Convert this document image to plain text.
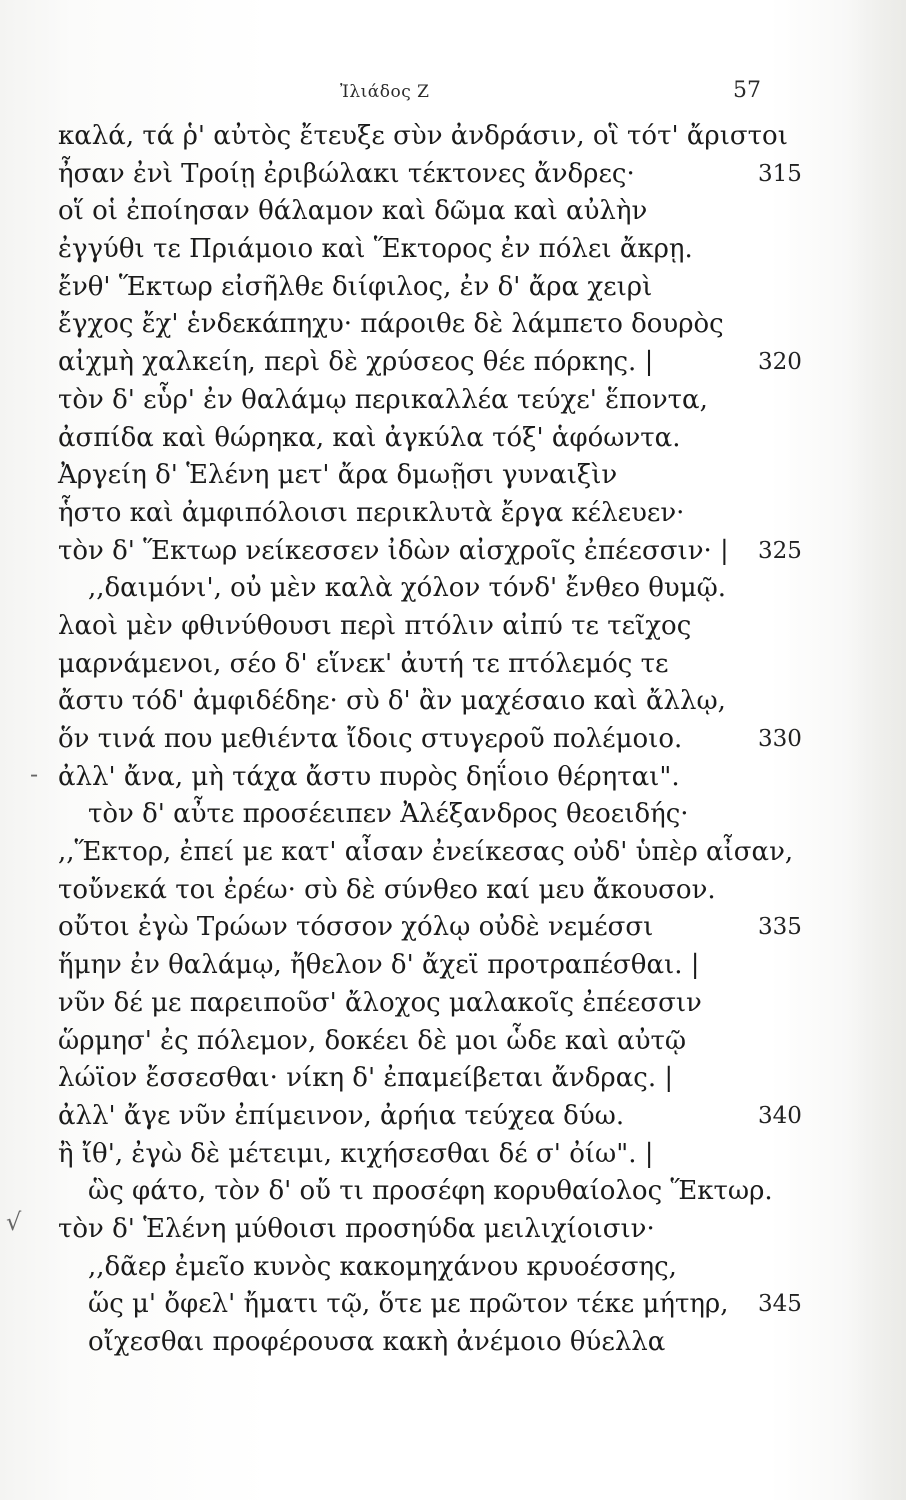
Ἰλιάδος Ζ	57
-
√
καλά, τά ῥ' αὐτὸς ἔτευξε σὺν ἀνδράσιν, οἳ τότ' ἄριστοι
ἦσαν ἐνὶ Τροίῃ ἐριβώλακι τέκτονες ἄνδρες·	315
οἵ οἱ ἐποίησαν θάλαμον καὶ δῶμα καὶ αὐλὴν
ἐγγύθι τε Πριάμοιο καὶ Ἕκτορος ἐν πόλει ἄκρῃ.
ἔνθ' Ἕκτωρ εἰσῆλθε διίφιλος, ἐν δ' ἄρα χειρὶ
ἔγχος ἔχ' ἑνδεκάπηχυ· πάροιθε δὲ λάμπετο δουρὸς
αἰχμὴ χαλκείη, περὶ δὲ χρύσεος θέε πόρκης. |	320
τὸν δ' εὗρ' ἐν θαλάμῳ περικαλλέα τεύχε' ἕποντα,
ἀσπίδα καὶ θώρηκα, καὶ ἀγκύλα τόξ' ἁφόωντα.
Ἀργείη δ' Ἑλένη μετ' ἄρα δμωῇσι γυναιξὶν
ἧστο καὶ ἀμφιπόλοισι περικλυτὰ ἔργα κέλευεν·
τὸν δ' Ἕκτωρ νείκεσσεν ἰδὼν αἰσχροῖς ἐπέεσσιν· | 325
,,δαιμόνι', οὐ μὲν καλὰ χόλον τόνδ' ἔνθεο θυμῷ.
λαοὶ μὲν φθινύθουσι περὶ πτόλιν αἰπύ τε τεῖχος
μαρνάμενοι, σέο δ' εἵνεκ' ἀυτή τε πτόλεμός τε
ἄστυ τόδ' ἀμφιδέδηε· σὺ δ' ἂν μαχέσαιο καὶ ἄλλῳ,
ὅν τινά που μεθιέντα ἴδοις στυγεροῦ πολέμοιο.	330
ἀλλ' ἄνα, μὴ τάχα ἄστυ πυρὸς δηΐοιο θέρηται".
τὸν δ' αὖτε προσέειπεν Ἀλέξανδρος θεοειδής·
,,Ἕκτορ, ἐπεί με κατ' αἶσαν ἐνείκεσας οὐδ' ὑπὲρ αἶσαν,
τοὔνεκά τοι ἐρέω· σὺ δὲ σύνθεο καί μευ ἄκουσον.
οὔτοι ἐγὼ Τρώων τόσσον χόλῳ οὐδὲ νεμέσσι	335
ἥμην ἐν θαλάμῳ, ἤθελον δ' ἄχεϊ προτραπέσθαι. |
νῦν δέ με παρειποῦσ' ἄλοχος μαλακοῖς ἐπέεσσιν
ὥρμησ' ἐς πόλεμον, δοκέει δὲ μοι ὧδε καὶ αὐτῷ
λώϊον ἔσσεσθαι· νίκη δ' ἐπαμείβεται ἄνδρας. |
ἀλλ' ἄγε νῦν ἐπίμεινον, ἀρήια τεύχεα δύω.	340
ἢ ἴθ', ἐγὼ δὲ μέτειμι, κιχήσεσθαι δέ σ' ὀίω". |
ὣς φάτο, τὸν δ' οὔ τι προσέφη κορυθαίολος Ἕκτωρ.
τὸν δ' Ἑλένη μύθοισι προσηύδα μειλιχίοισιν·
,,δᾶερ ἐμεῖο κυνὸς κακομηχάνου κρυοέσσης,
ὥς μ' ὄφελ' ἤματι τῷ, ὅτε με πρῶτον τέκε μήτηρ, 345
οἴχεσθαι προφέρουσα κακὴ ἀνέμοιο θύελλα
